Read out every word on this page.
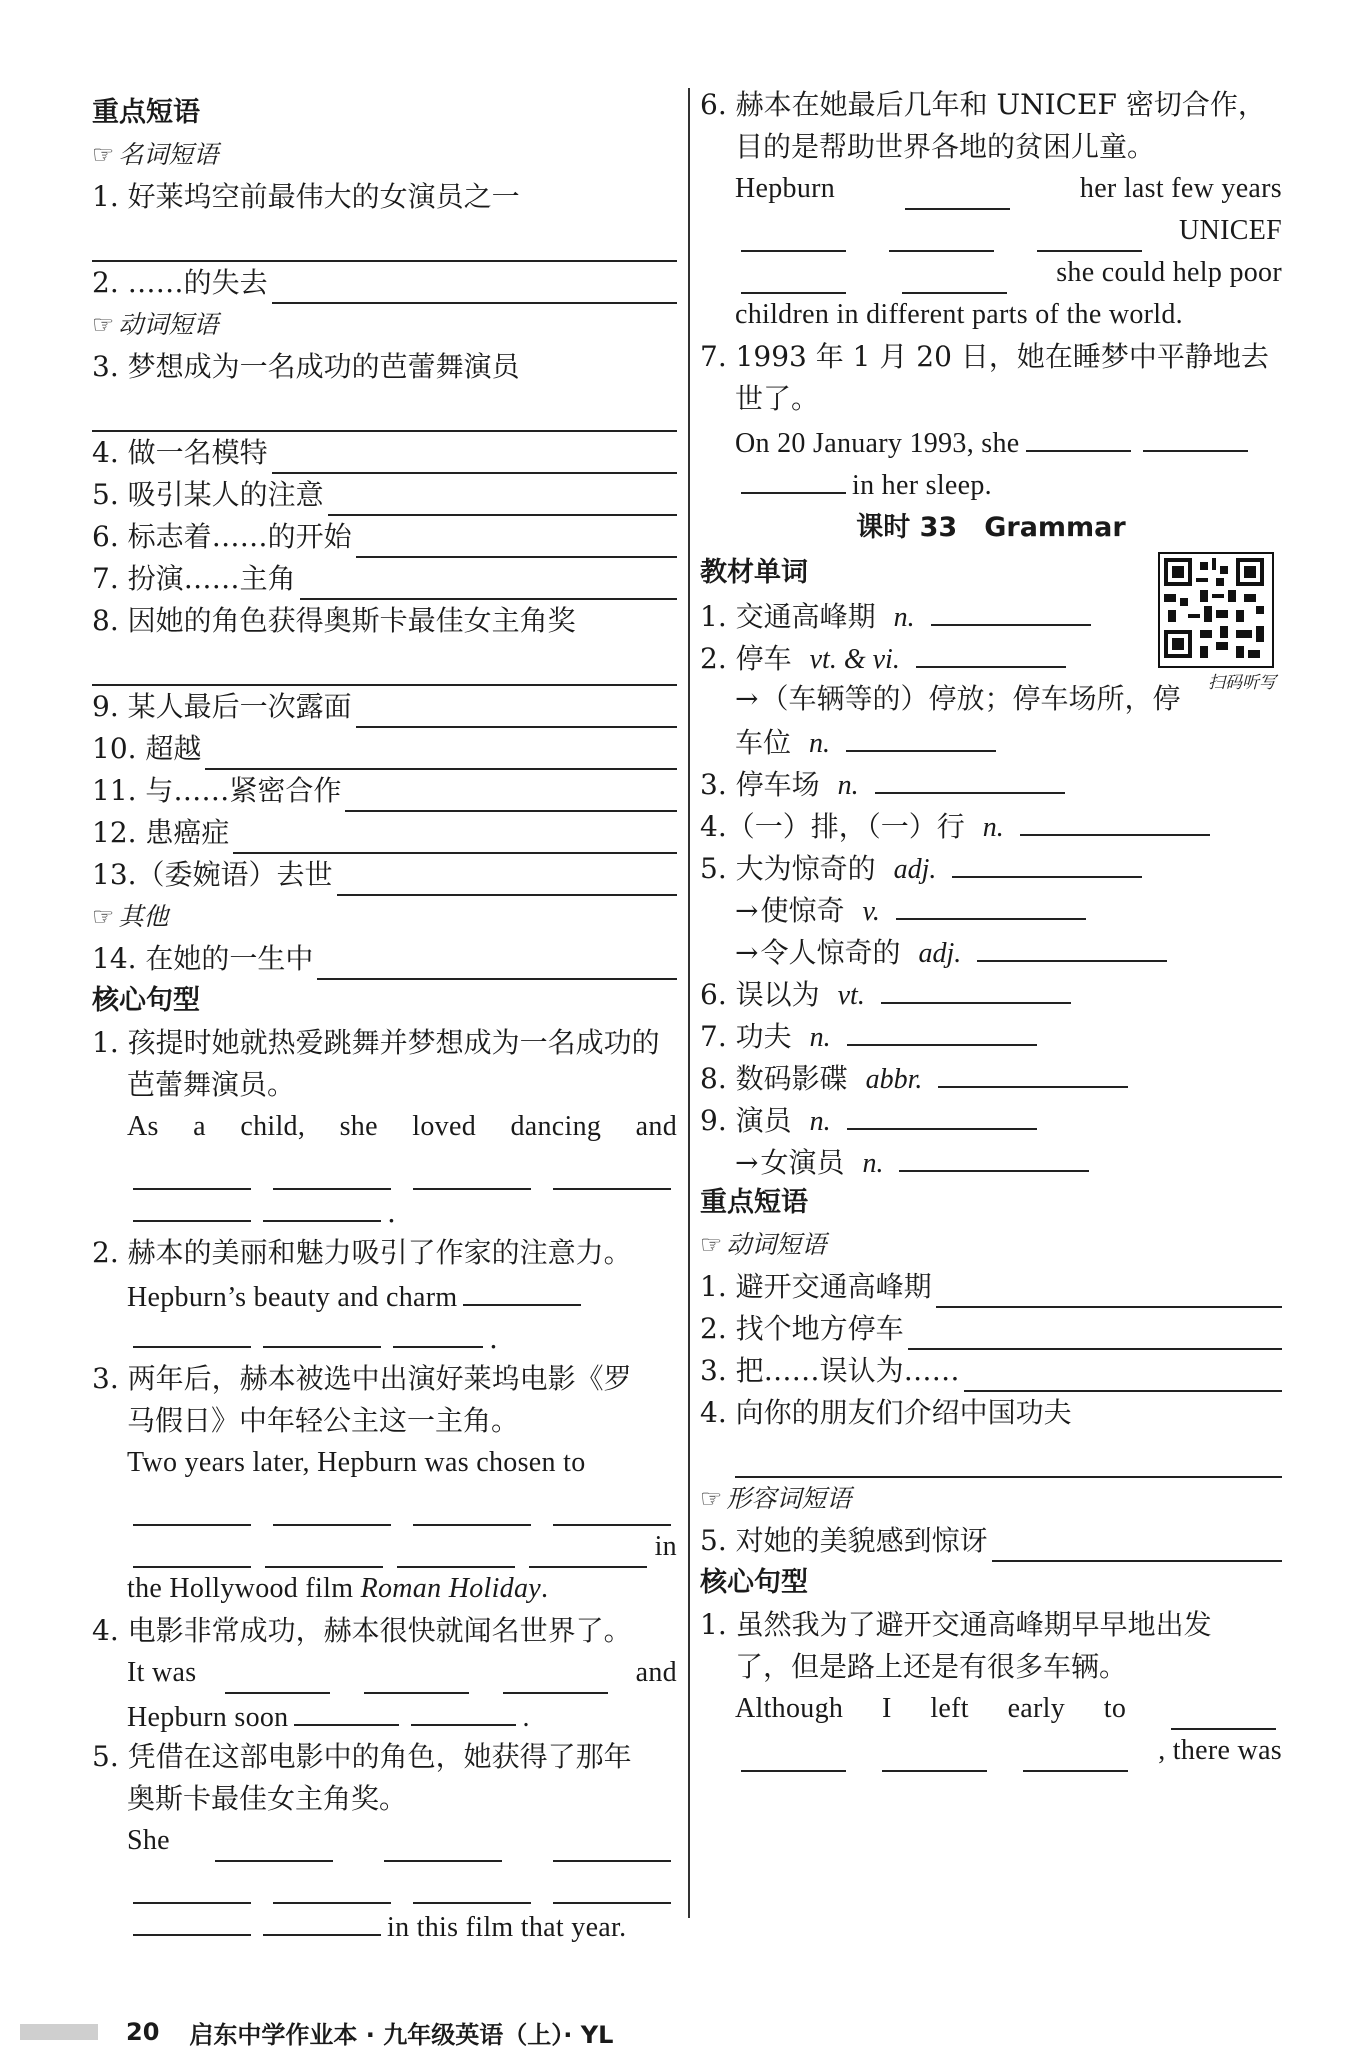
重点短语
☞ 名词短语
1. 好莱坞空前最伟大的女演员之一
2. ……的失去
☞ 动词短语
3. 梦想成为一名成功的芭蕾舞演员
4. 做一名模特
5. 吸引某人的注意
6. 标志着……的开始
7. 扮演……主角
8. 因她的角色获得奥斯卡最佳女主角奖
9. 某人最后一次露面
10. 超越
11. 与……紧密合作
12. 患癌症
13.（委婉语）去世
☞ 其他
14. 在她的一生中
核心句型
1. 孩提时她就热爱跳舞并梦想成为一名成功的
芭蕾舞演员。
As a child, she loved dancing and
.
2. 赫本的美丽和魅力吸引了作家的注意力。
Hepburn’s beauty and charm
.
3. 两年后，赫本被选中出演好莱坞电影《罗
马假日》中年轻公主这一主角。
Two years later, Hepburn was chosen to
in
the Hollywood film Roman Holiday.
4. 电影非常成功，赫本很快就闻名世界了。
It was	and
Hepburn soon	.
5. 凭借在这部电影中的角色，她获得了那年
奥斯卡最佳女主角奖。
She
in this film that year.
6. 赫本在她最后几年和 UNICEF 密切合作，
目的是帮助世界各地的贫困儿童。
Hepburn	her last few years
UNICEF
she could help poor
children in different parts of the world.
7. 1993 年 1 月 20 日，她在睡梦中平静地去
世了。
On 20 January 1993, she
in her sleep.
课时 33　Grammar
扫码听写
教材单词
1. 交通高峰期 n.
2. 停车 vt. & vi.
→（车辆等的）停放；停车场所，停
车位 n.
3. 停车场 n.
4.（一）排，（一）行 n.
5. 大为惊奇的 adj.
→使惊奇 v.
→令人惊奇的 adj.
6. 误以为 vt.
7. 功夫 n.
8. 数码影碟 abbr.
9. 演员 n.
→女演员 n.
重点短语
☞ 动词短语
1. 避开交通高峰期
2. 找个地方停车
3. 把……误认为……
4. 向你的朋友们介绍中国功夫
☞ 形容词短语
5. 对她的美貌感到惊讶
核心句型
1. 虽然我为了避开交通高峰期早早地出发
了，但是路上还是有很多车辆。
Although I left early to
, there was
20 启东中学作业本 · 九年级英语（上）· YL
